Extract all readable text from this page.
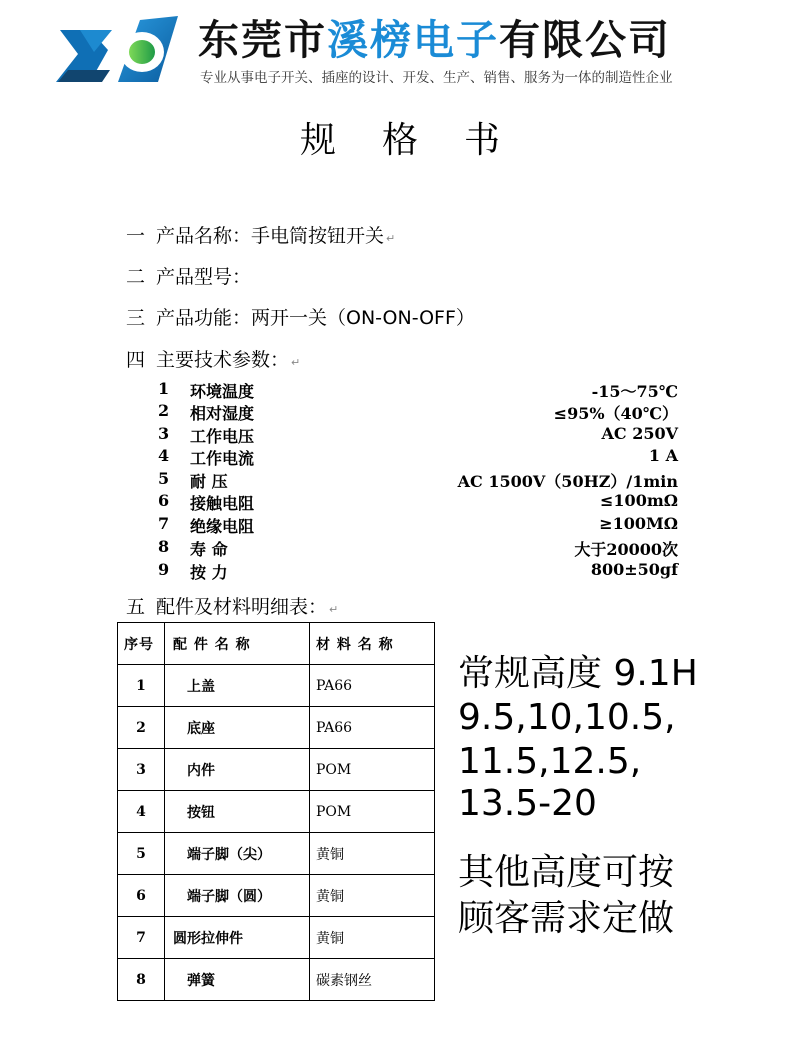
东莞市溪榜电子有限公司
专业从事电子开关、插座的设计、开发、生产、销售、服务为一体的制造性企业
规格书
一 产品名称：手电筒按钮开关 ↵
二 产品型号：
三 产品功能：两开一关（ON-ON-OFF）
四 主要技术参数： ↵
1	环境温度	-15～75℃
2	相对湿度	≤95%（40℃）
3	工作电压	AC 250V
4	工作电流	1 A
5	耐 压	AC 1500V（50HZ）/1min
6	接触电阻	≤100mΩ
7	绝缘电阻	≥100MΩ
8	寿 命	大于20000次
9	按 力	800±50gf
五 配件及材料明细表： ↵
序号	配 件 名 称	材 料 名 称
1	上盖	PA66
2	底座	PA66
3	内件	POM
4	按钮	POM
5	端子脚（尖）	黄铜
6	端子脚（圆）	黄铜
7	圆形拉伸件	黄铜
8	弹簧	碳素钢丝
常规高度 9.1H
9.5,10,10.5,
11.5,12.5,
13.5-20
其他高度可按
顾客需求定做
